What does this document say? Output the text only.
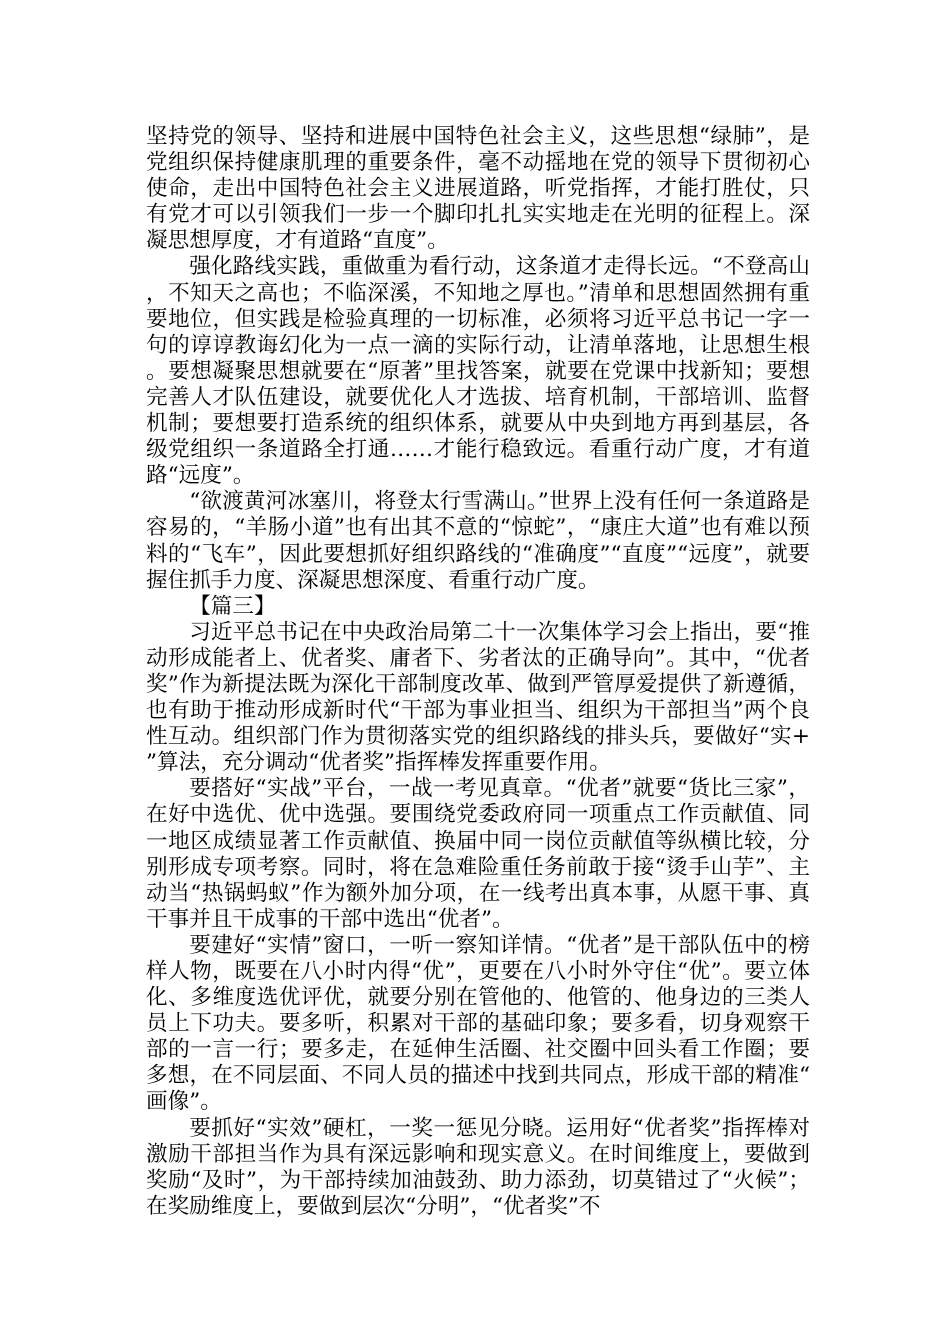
坚持党的领导、坚持和进展中国特色社会主义，这些思想“绿肺”，是党组织保持健康肌理的重要条件，毫不动摇地在党的领导下贯彻初心使命，走出中国特色社会主义进展道路，听党指挥，才能打胜仗，只有党才可以引领我们一步一个脚印扎扎实实地走在光明的征程上。深凝思想厚度，才有道路“直度”。

强化路线实践，重做重为看行动，这条道才走得长远。“不登高山，不知天之高也；不临深溪，不知地之厚也。”清单和思想固然拥有重要地位，但实践是检验真理的一切标准，必须将习近平总书记一字一句的谆谆教诲幻化为一点一滴的实际行动，让清单落地，让思想生根。要想凝聚思想就要在“原著”里找答案，就要在党课中找新知；要想完善人才队伍建设，就要优化人才选拔、培育机制，干部培训、监督机制；要想要打造系统的组织体系，就要从中央到地方再到基层，各级党组织一条道路全打通……才能行稳致远。看重行动广度，才有道路“远度”。

“欲渡黄河冰塞川，将登太行雪满山。”世界上没有任何一条道路是容易的，“羊肠小道”也有出其不意的“惊蛇”，“康庄大道”也有难以预料的“飞车”，因此要想抓好组织路线的“准确度”“直度”“远度”，就要握住抓手力度、深凝思想深度、看重行动广度。

【篇三】

习近平总书记在中央政治局第二十一次集体学习会上指出，要“推动形成能者上、优者奖、庸者下、劣者汰的正确导向”。其中，“优者奖”作为新提法既为深化干部制度改革、做到严管厚爱提供了新遵循，也有助于推动形成新时代“干部为事业担当、组织为干部担当”两个良性互动。组织部门作为贯彻落实党的组织路线的排头兵，要做好“实+”算法，充分调动“优者奖”指挥棒发挥重要作用。

要搭好“实战”平台，一战一考见真章。“优者”就要“货比三家”，在好中选优、优中选强。要围绕党委政府同一项重点工作贡献值、同一地区成绩显著工作贡献值、换届中同一岗位贡献值等纵横比较，分别形成专项考察。同时，将在急难险重任务前敢于接“烫手山芋”、主动当“热锅蚂蚁”作为额外加分项，在一线考出真本事，从愿干事、真干事并且干成事的干部中选出“优者”。

要建好“实情”窗口，一听一察知详情。“优者”是干部队伍中的榜样人物，既要在八小时内得“优”，更要在八小时外守住“优”。要立体化、多维度选优评优，就要分别在管他的、他管的、他身边的三类人员上下功夫。要多听，积累对干部的基础印象；要多看，切身观察干部的一言一行；要多走，在延伸生活圈、社交圈中回头看工作圈；要多想，在不同层面、不同人员的描述中找到共同点，形成干部的精准“画像”。

要抓好“实效”硬杠，一奖一惩见分晓。运用好“优者奖”指挥棒对激励干部担当作为具有深远影响和现实意义。在时间维度上，要做到奖励“及时”，为干部持续加油鼓劲、助力添劲，切莫错过了“火候”；在奖励维度上，要做到层次“分明”，“优者奖”不
